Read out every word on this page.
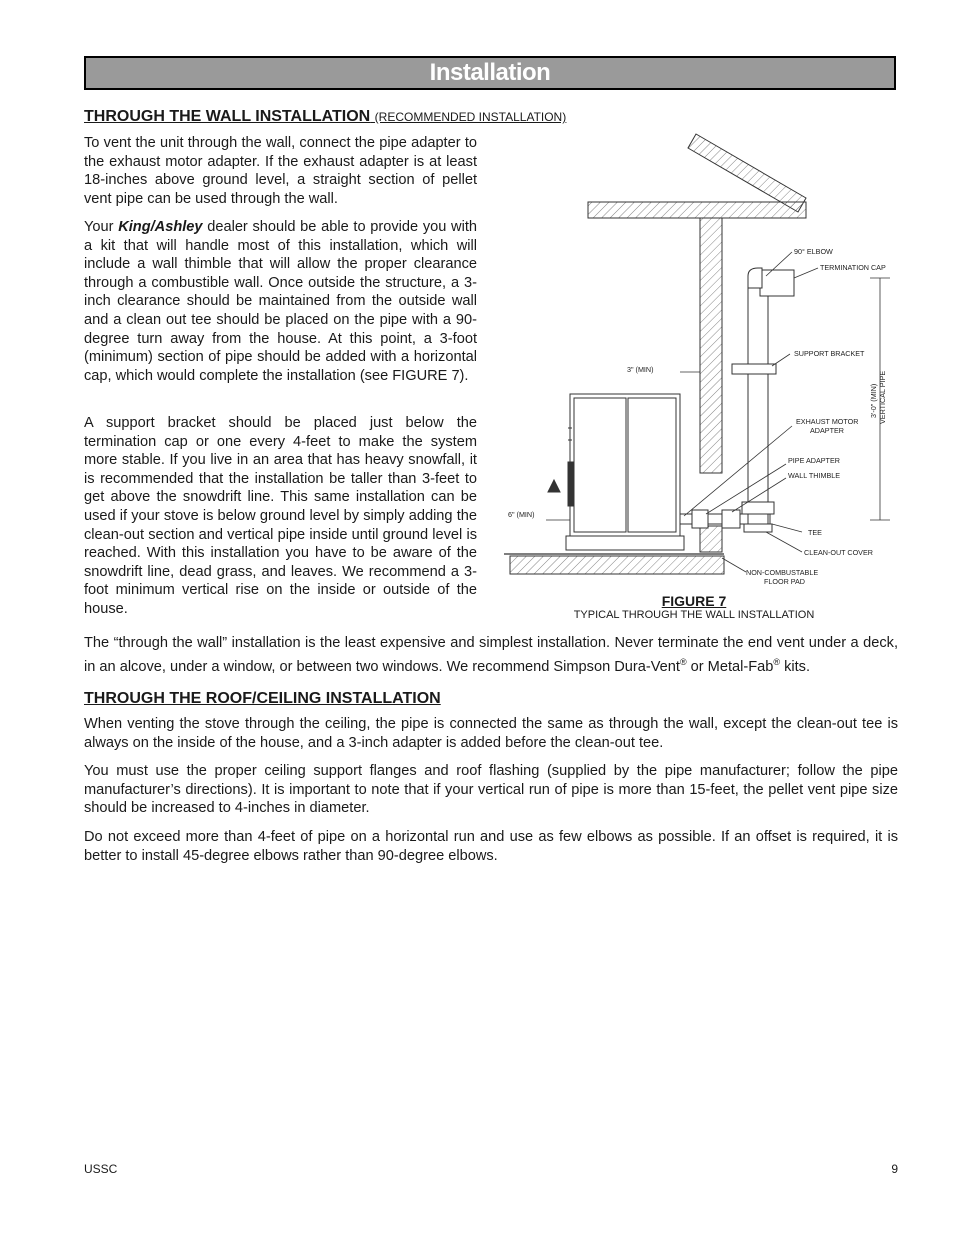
Installation

THROUGH THE WALL INSTALLATION (RECOMMENDED INSTALLATION)

To vent the unit through the wall, connect the pipe adapter to the exhaust motor adapter. If the exhaust adapter is at least 18-inches above ground level, a straight section of pellet vent pipe can be used through the wall.

Your King/Ashley dealer should be able to provide you with a kit that will handle most of this installation, which will include a wall thimble that will allow the proper clearance through a combustible wall. Once outside the structure, a 3-inch clearance should be maintained from the outside wall and a clean out tee should be placed on the pipe with a 90-degree turn away from the house. At this point, a 3-foot (minimum) section of pipe should be added with a horizontal cap, which would complete the installation (see FIGURE 7).

A support bracket should be placed just below the termination cap or one every 4-feet to make the system more stable. If you live in an area that has heavy snowfall, it is recommended that the installation be taller than 3-feet to get above the snowdrift line. This same installation can be used if your stove is below ground level by simply adding the clean-out section and vertical pipe inside until ground level is reached. With this installation you have to be aware of the snowdrift line, dead grass, and leaves. We recommend a 3-foot minimum vertical rise on the inside or outside of the house.

90° ELBOW
TERMINATION CAP
SUPPORT BRACKET
3" (MIN)
EXHAUST MOTOR
ADAPTER
PIPE ADAPTER
WALL THIMBLE
6" (MIN)
TEE
CLEAN-OUT COVER
NON-COMBUSTABLE
FLOOR PAD
3'-0" (MIN) VERTICAL PIPE
FIGURE 7
TYPICAL THROUGH THE WALL INSTALLATION

The “through the wall” installation is the least expensive and simplest installation. Never terminate the end vent under a deck, in an alcove, under a window, or between two windows. We recommend Simpson Dura-Vent® or Metal-Fab® kits.

THROUGH THE ROOF/CEILING INSTALLATION

When venting the stove through the ceiling, the pipe is connected the same as through the wall, except the clean-out tee is always on the inside of the house, and a 3-inch adapter is added before the clean-out tee.

You must use the proper ceiling support flanges and roof flashing (supplied by the pipe manufacturer; follow the pipe manufacturer’s directions). It is important to note that if your vertical run of pipe is more than 15-feet, the pellet vent pipe size should be increased to 4-inches in diameter.

Do not exceed more than 4-feet of pipe on a horizontal run and use as few elbows as possible. If an offset is required, it is better to install 45-degree elbows rather than 90-degree elbows.

USSC	9
